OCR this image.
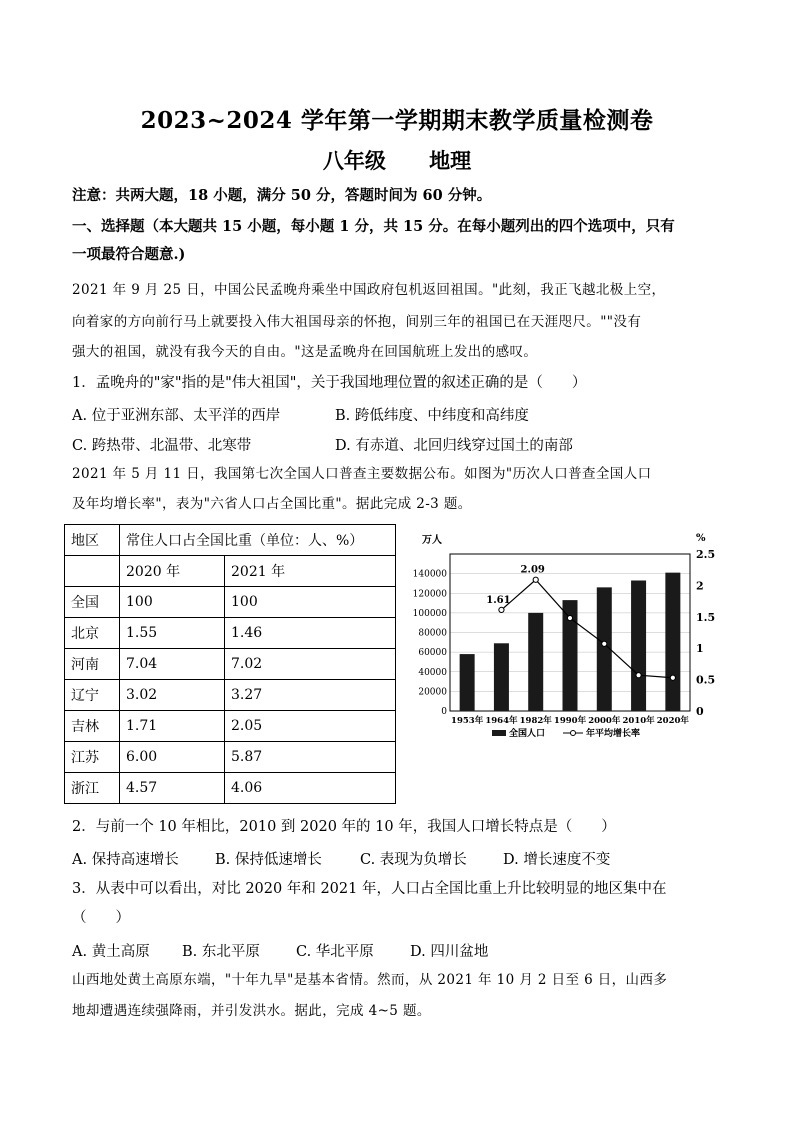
2023~2024 学年第一学期期末教学质量检测卷
八年级 地理
注意：共两大题，18 小题，满分 50 分，答题时间为 60 分钟。
一、选择题（本大题共 15 小题，每小题 1 分，共 15 分。在每小题列出的四个选项中，只有
一项最符合题意.)
2021 年 9 月 25 日，中国公民孟晚舟乘坐中国政府包机返回祖国。"此刻，我正飞越北极上空，
向着家的方向前行马上就要投入伟大祖国母亲的怀抱，间别三年的祖国已在天涯咫尺。""没有
强大的祖国，就没有我今天的自由。"这是孟晚舟在回国航班上发出的感叹。
1．孟晚舟的"家"指的是"伟大祖国"，关于我国地理位置的叙述正确的是（　　）
A. 位于亚洲东部、太平洋的西岸	B. 跨低纬度、中纬度和高纬度
C. 跨热带、北温带、北寒带	D. 有赤道、北回归线穿过国土的南部
2021 年 5 月 11 日，我国第七次全国人口普查主要数据公布。如图为"历次人口普查全国人口
及年均增长率"，表为"六省人口占全国比重"。据此完成 2-3 题。
地区	常住人口占全国比重（单位：人、%）	
	2020 年	2021 年
全国	100	100
北京	1.55	1.46
河南	7.04	7.02
辽宁	3.02	3.27
吉林	1.71	2.05
江苏	6.00	5.87
浙江	4.57	4.06
0
20000
40000
60000
80000
100000
120000
140000
0
0.5
1
1.5
2
2.5
万人	%
1953年 1964年 1982年 1990年 2000年 2010年 2020年
1.61
2.09
全国人口	年平均增长率
2．与前一个 10 年相比，2010 到 2020 年的 10 年，我国人口增长特点是（　　）
A. 保持高速增长	B. 保持低速增长	C. 表现为负增长 D. 增长速度不变
3．从表中可以看出，对比 2020 年和 2021 年，人口占全国比重上升比较明显的地区集中在
（　　）
A. 黄土高原 B. 东北平原 C. 华北平原 D. 四川盆地
山西地处黄土高原东端，"十年九旱"是基本省情。然而，从 2021 年 10 月 2 日至 6 日，山西多
地却遭遇连续强降雨，并引发洪水。据此，完成 4~5 题。
